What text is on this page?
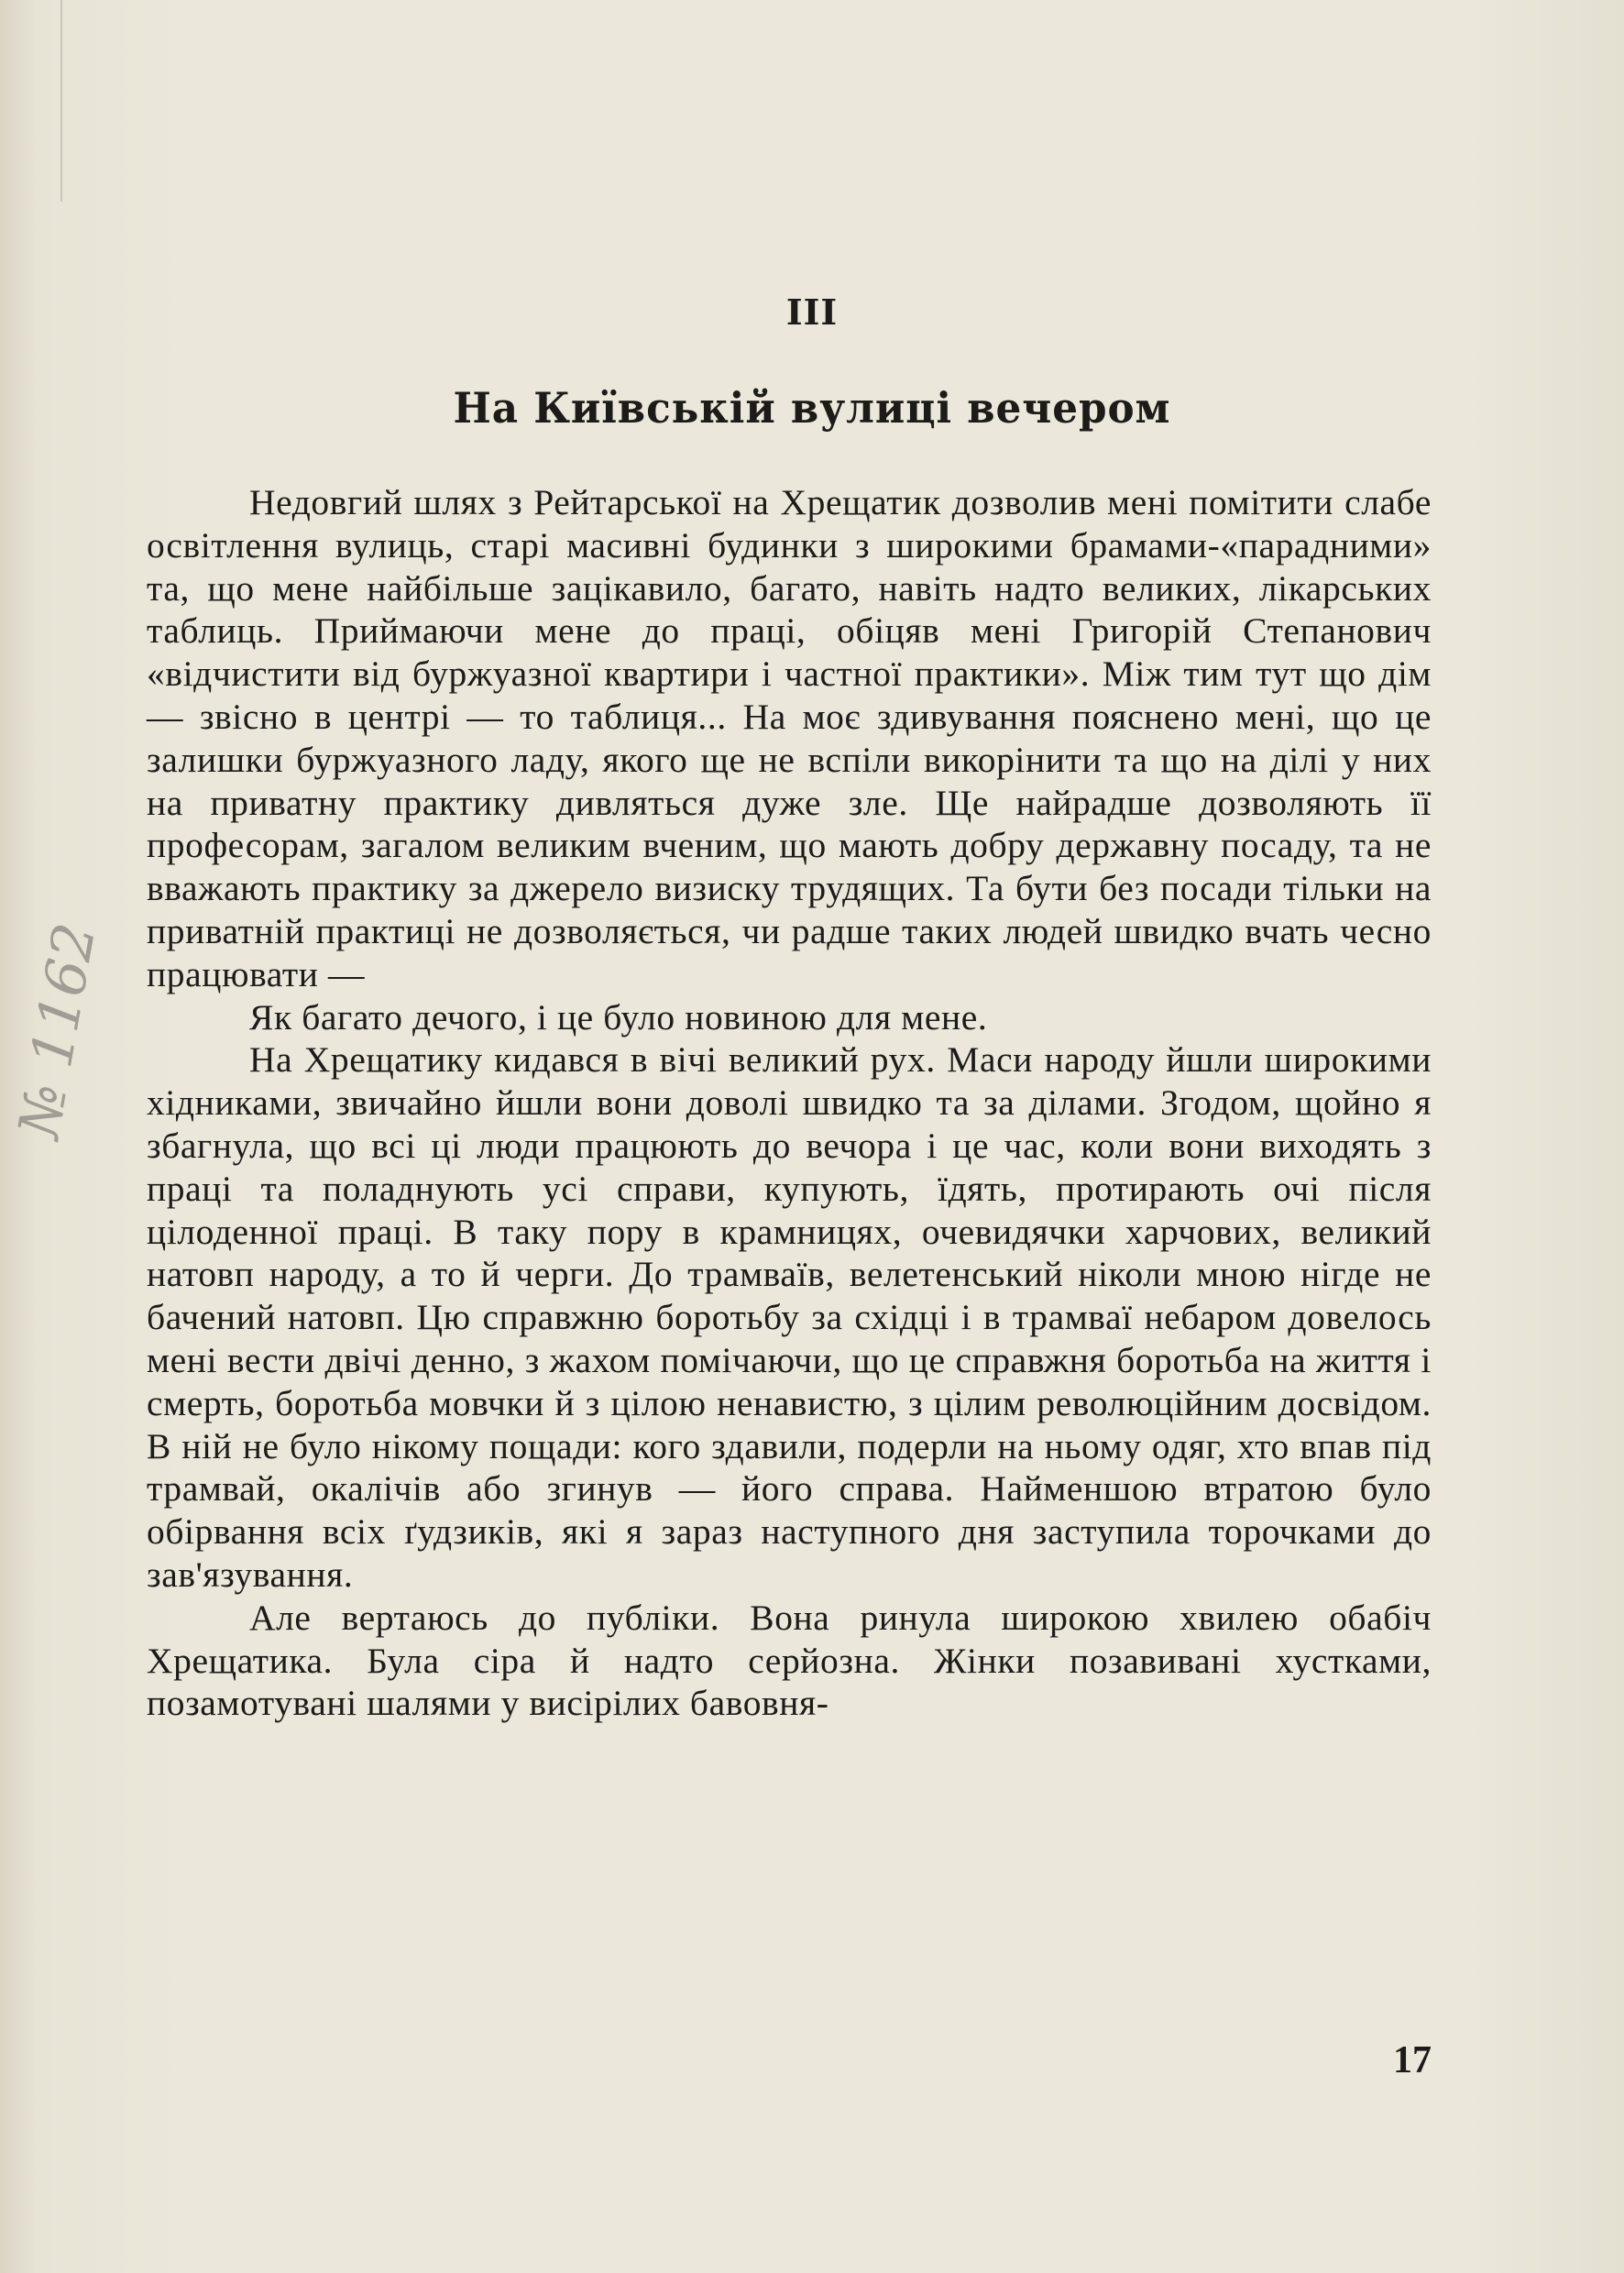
III
На Київській вулиці вечером

Недовгий шлях з Рейтарської на Хрещатик дозволив мені помітити слабе освітлення вулиць, старі масивні будинки з широкими брамами-«парадними» та, що мене найбільше зацікавило, багато, навіть надто великих, лікарських таблиць. Приймаючи мене до праці, обіцяв мені Григорій Степанович «відчистити від буржуазної квартири і частної практики». Між тим тут що дім — звісно в центрі — то таблиця... На моє здивування пояснено мені, що це залишки буржуазного ладу, якого ще не вспіли викорінити та що на ділі у них на приватну практику дивляться дуже зле. Ще найрадше дозволяють її професорам, загалом великим вченим, що мають добру державну посаду, та не вважають практику за джерело визиску трудящих. Та бути без посади тільки на приватній практиці не дозволяється, чи радше таких людей швидко вчать чесно працювати —

Як багато дечого, і це було новиною для мене.

На Хрещатику кидався в вічі великий рух. Маси народу йшли широкими хідниками, звичайно йшли вони доволі швидко та за ділами. Згодом, щойно я збагнула, що всі ці люди працюють до вечора і це час, коли вони виходять з праці та поладнують усі справи, купують, їдять, протирають очі після цілоденної праці. В таку пору в крамницях, очевидячки харчових, великий натовп народу, а то й черги. До трамваїв, велетенський ніколи мною нігде не бачений натовп. Цю справжню боротьбу за східці і в трамваї небаром довелось мені вести двічі денно, з жахом помічаючи, що це справжня боротьба на життя і смерть, боротьба мовчки й з цілою ненавистю, з цілим революційним досвідом. В ній не було нікому пощади: кого здавили, подерли на ньому одяг, хто впав під трамвай, окалічів або згинув — його справа. Найменшою втратою було обірвання всіх ґудзиків, які я зараз наступного дня заступила торочками до зав'язування.

Але вертаюсь до публіки. Вона ринула широкою хвилею обабіч Хрещатика. Була сіра й надто серйозна. Жінки позавивані хустками, позамотувані шалями у висірілих бавовня-

№ 1162
17
